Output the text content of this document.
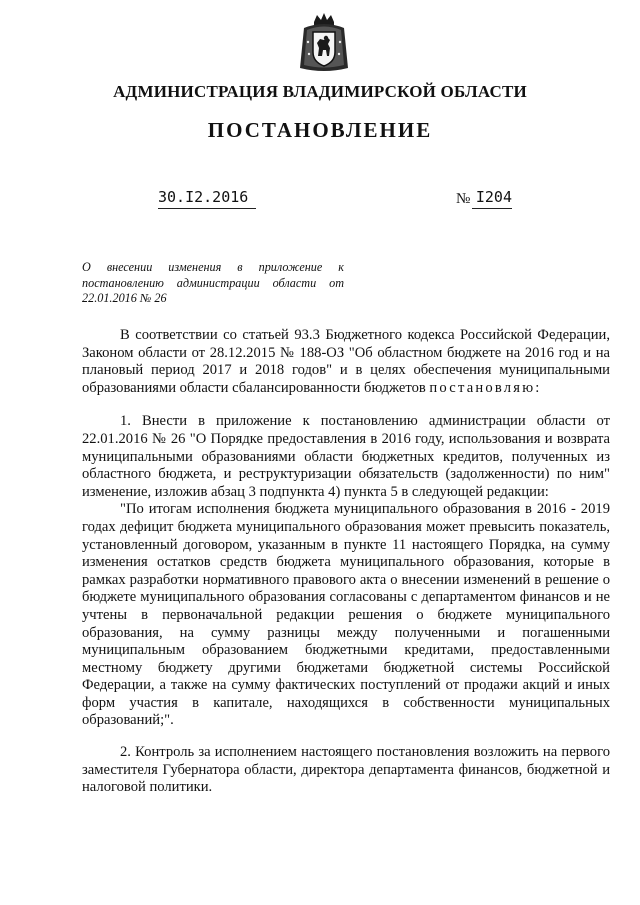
АДМИНИСТРАЦИЯ ВЛАДИМИРСКОЙ ОБЛАСТИ
ПОСТАНОВЛЕНИЕ
30.I2.2016	№ I204
О внесении изменения в приложение к постановлению администрации области от 22.01.2016 № 26

В соответствии со статьей 93.3 Бюджетного кодекса Российской Федерации, Законом области от 28.12.2015 № 188-ОЗ "Об областном бюджете на 2016 год и на плановый период 2017 и 2018 годов" и в целях обеспечения муниципальными образованиями области сбалансированности бюджетов постановляю:

1. Внести в приложение к постановлению администрации области от 22.01.2016 № 26 "О Порядке предоставления в 2016 году, использования и возврата муниципальными образованиями области бюджетных кредитов, полученных из областного бюджета, и реструктуризации обязательств (задолженности) по ним" изменение, изложив абзац 3 подпункта 4) пункта 5 в следующей редакции:

"По итогам исполнения бюджета муниципального образования в 2016 - 2019 годах дефицит бюджета муниципального образования может превысить показатель, установленный договором, указанным в пункте 11 настоящего Порядка, на сумму изменения остатков средств бюджета муниципального образования, которые в рамках разработки нормативного правового акта о внесении изменений в решение о бюджете муниципального образования согласованы с департаментом финансов и не учтены в первоначальной редакции решения о бюджете муниципального образования, на сумму разницы между полученными и погашенными муниципальным образованием бюджетными кредитами, предоставленными местному бюджету другими бюджетами бюджетной системы Российской Федерации, а также на сумму фактических поступлений от продажи акций и иных форм участия в капитале, находящихся в собственности муниципальных образований;".

2. Контроль за исполнением настоящего постановления возложить на первого заместителя Губернатора области, директора департамента финансов, бюджетной и налоговой политики.
